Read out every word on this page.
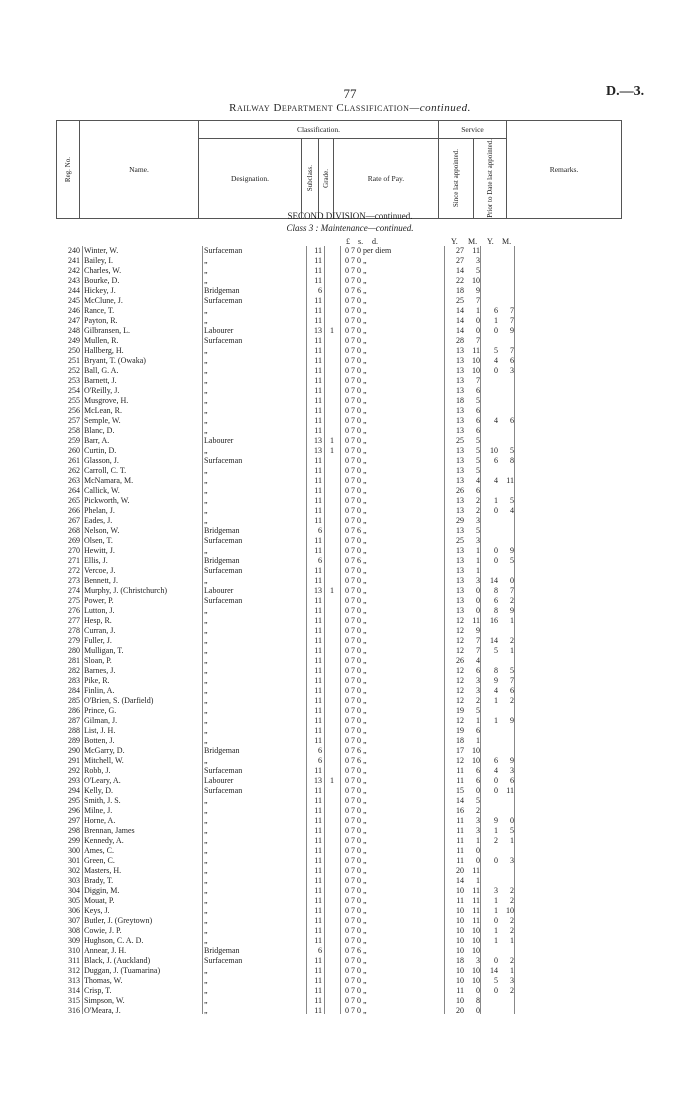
77	D.—3.
Railway Department Classification—continued.
Reg. No.	Name.	Classification.				Service		Remarks.
		Designation.	Subclass.	Grade.	Rate of Pay.	Since last appointed.	Prior to Date last appointed.	
SECOND DIVISION—continued.
Class 3 : Maintenance—continued.
£ s. d.	Y. M. Y. M.
240 Winter, W.	Surfaceman	11	0 7 0 per diem	27	11
241 Bailey, I.	„	11	0 7 0 „	27	3
242 Charles, W.	„	11	0 7 0 „	14	5
243 Bourke, D.	„	11	0 7 0 „	22	10
244 Hickey, J.	Bridgeman	6	0 7 6 „	18	9
245 McClune, J.	Surfaceman	11	0 7 0 „	25	7
246 Rance, T.	„	11	0 7 0 „	14	1	6	7
247 Payton, R.	„	11	0 7 0 „	14	0	1	7
248 Gilbransen, L.	Labourer	13	1	0 7 0 „	14	0	0	9
249 Mullen, R.	Surfaceman	11	0 7 0 „	28	7
250 Hallberg, H.	„	11	0 7 0 „	13	11	5	7
251 Bryant, T. (Owaka)	„	11	0 7 0 „	13	10	4	6
252 Ball, G. A.	„	11	0 7 0 „	13	10	0	3
253 Barnett, J.	„	11	0 7 0 „	13	7
254 O'Reilly, J.	„	11	0 7 0 „	13	6
255 Musgrove, H.	„	11	0 7 0 „	18	5
256 McLean, R.	„	11	0 7 0 „	13	6
257 Semple, W.	„	11	0 7 0 „	13	6	4	6
258 Blanc, D.	„	11	0 7 0 „	13	6
259 Barr, A.	Labourer	13	1	0 7 0 „	25	5
260 Curtin, D.	„	13	1	0 7 0 „	13	5	10	5
261 Glasson, J.	Surfaceman	11	0 7 0 „	13	5	6	8
262 Carroll, C. T.	„	11	0 7 0 „	13	5
263 McNamara, M.	„	11	0 7 0 „	13	4	4	11
264 Callick, W.	„	11	0 7 0 „	26	6
265 Pickworth, W.	„	11	0 7 0 „	13	2	1	5
266 Phelan, J.	„	11	0 7 0 „	13	2	0	4
267 Eades, J.	„	11	0 7 0 „	29	3
268 Nelson, W.	Bridgeman	6	0 7 6 „	13	5
269 Olsen, T.	Surfaceman	11	0 7 0 „	25	3
270 Hewitt, J.	„	11	0 7 0 „	13	1	0	9
271 Ellis, J.	Bridgeman	6	0 7 6 „	13	1	0	5
272 Vercoe, J.	Surfaceman	11	0 7 0 „	13	1
273 Bennett, J.	„	11	0 7 0 „	13	3	14	0
274 Murphy, J. (Christchurch)	Labourer	13	1	0 7 0 „	13	0	8	7
275 Power, P.	Surfaceman	11	0 7 0 „	13	0	6	2
276 Lutton, J.	„	11	0 7 0 „	13	0	8	9
277 Hesp, R.	„	11	0 7 0 „	12	11	16	1
278 Curran, J.	„	11	0 7 0 „	12	9
279 Fuller, J.	„	11	0 7 0 „	12	7	14	2
280 Mulligan, T.	„	11	0 7 0 „	12	7	5	1
281 Sloan, P.	„	11	0 7 0 „	26	4
282 Barnes, J.	„	11	0 7 0 „	12	6	8	5
283 Pike, R.	„	11	0 7 0 „	12	3	9	7
284 Finlin, A.	„	11	0 7 0 „	12	3	4	6
285 O'Brien, S. (Darfield)	„	11	0 7 0 „	12	2	1	2
286 Prince, G.	„	11	0 7 0 „	19	5
287 Gilman, J.	„	11	0 7 0 „	12	1	1	9
288 List, J. H.	„	11	0 7 0 „	19	6
289 Botten, J.	„	11	0 7 0 „	18	1
290 McGarry, D.	Bridgeman	6	0 7 6 „	17	10
291 Mitchell, W.	„	6	0 7 6 „	12	10	6	9
292 Robb, J.	Surfaceman	11	0 7 0 „	11	6	4	3
293 O'Leary, A.	Labourer	13	1	0 7 0 „	11	6	0	6
294 Kelly, D.	Surfaceman	11	0 7 0 „	15	0	0	11
295 Smith, J. S.	„	11	0 7 0 „	14	5
296 Milne, J.	„	11	0 7 0 „	16	2
297 Horne, A.	„	11	0 7 0 „	11	3	9	0
298 Brennan, James	„	11	0 7 0 „	11	3	1	5
299 Kennedy, A.	„	11	0 7 0 „	11	1	2	1
300 Ames, C.	„	11	0 7 0 „	11	0
301 Green, C.	„	11	0 7 0 „	11	0	0	3
302 Masters, H.	„	11	0 7 0 „	20	11
303 Brady, T.	„	11	0 7 0 „	14	1
304 Diggin, M.	„	11	0 7 0 „	10	11	3	2
305 Mouat, P.	„	11	0 7 0 „	11	11	1	2
306 Keys, J.	„	11	0 7 0 „	10	11	1	10
307 Butler, J. (Greytown)	„	11	0 7 0 „	10	11	0	2
308 Cowie, J. P.	„	11	0 7 0 „	10	10	1	2
309 Hughson, C. A. D.	„	11	0 7 0 „	10	10	1	1
310 Annear, J. H.	Bridgeman	6	0 7 6 „	10	10
311 Black, J. (Auckland)	Surfaceman	11	0 7 0 „	18	3	0	2
312 Duggan, J. (Tuamarina)	„	11	0 7 0 „	10	10	14	1
313 Thomas, W.	„	11	0 7 0 „	10	10	5	3
314 Crisp, T.	„	11	0 7 0 „	11	0	0	2
315 Simpson, W.	„	11	0 7 0 „	10	8
316 O'Meara, J.	„	11	0 7 0 „	20	0
